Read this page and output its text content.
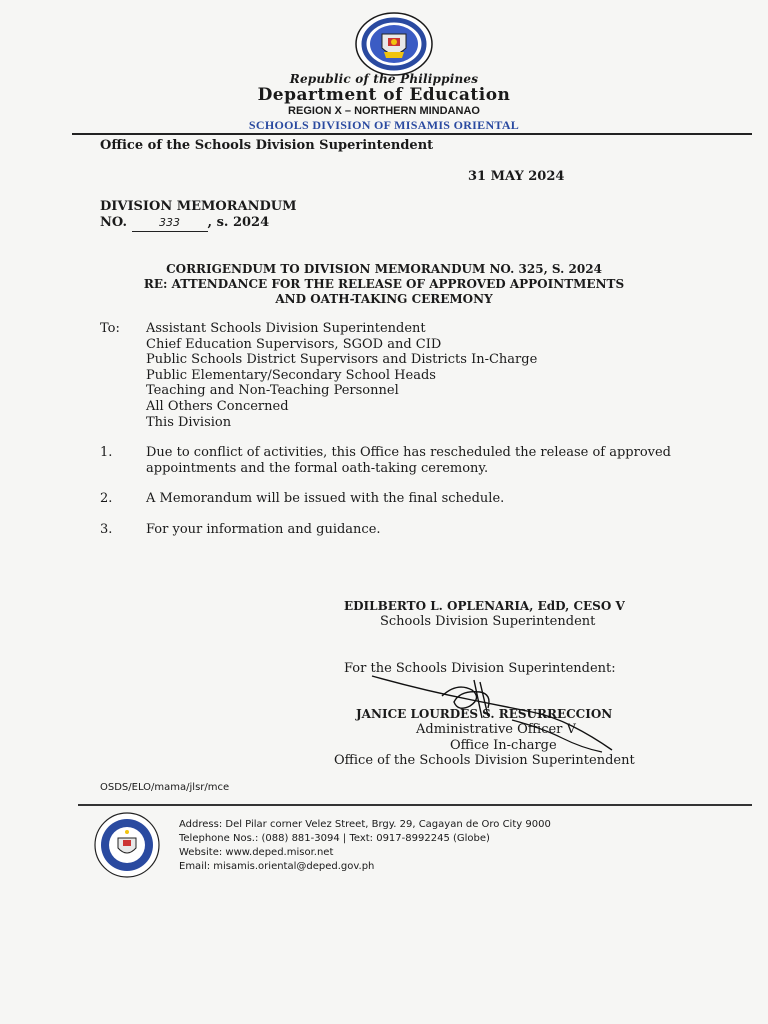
Republic of the Philippines
Department of Education
REGION X – NORTHERN MINDANAO
SCHOOLS DIVISION OF MISAMIS ORIENTAL
Office of the Schools Division Superintendent
31 MAY 2024
DIVISION MEMORANDUM
NO.	333 , s. 2024
CORRIGENDUM TO DIVISION MEMORANDUM NO. 325, S. 2024
RE: ATTENDANCE FOR THE RELEASE OF APPROVED APPOINTMENTS
AND OATH-TAKING CEREMONY
To: Assistant Schools Division Superintendent
Chief Education Supervisors, SGOD and CID
Public Schools District Supervisors and Districts In-Charge
Public Elementary/Secondary School Heads
Teaching and Non-Teaching Personnel
All Others Concerned
This Division
1.	Due to conflict of activities, this Office has rescheduled the release of approved appointments and the formal oath-taking ceremony.
2.	A Memorandum will be issued with the final schedule.
3.	For your information and guidance.
EDILBERTO L. OPLENARIA, EdD, CESO V
Schools Division Superintendent
For the Schools Division Superintendent:
JANICE LOURDES S. RESURRECCION
Administrative Officer V
Office In-charge
Office of the Schools Division Superintendent
OSDS/ELO/mama/jlsr/mce
Address: Del Pilar corner Velez Street, Brgy. 29, Cagayan de Oro City 9000
Telephone Nos.: (088) 881-3094 | Text: 0917-8992245 (Globe)
Website: www.deped.misor.net
Email: misamis.oriental@deped.gov.ph
